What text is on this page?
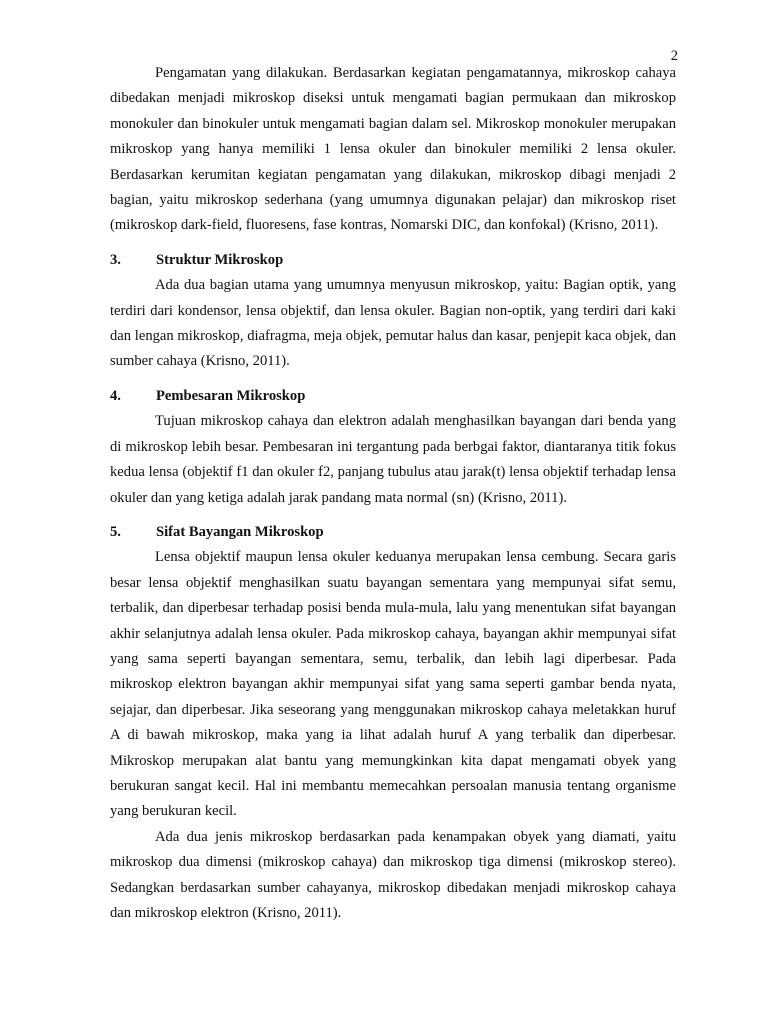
2

Pengamatan yang dilakukan. Berdasarkan kegiatan pengamatannya, mikroskop cahaya dibedakan menjadi mikroskop diseksi untuk mengamati bagian permukaan dan mikroskop monokuler dan binokuler untuk mengamati bagian dalam sel. Mikroskop monokuler merupakan mikroskop yang hanya memiliki 1 lensa okuler dan binokuler memiliki 2 lensa okuler. Berdasarkan kerumitan kegiatan pengamatan yang dilakukan, mikroskop dibagi menjadi 2 bagian, yaitu mikroskop sederhana (yang umumnya digunakan pelajar) dan mikroskop riset (mikroskop dark-field, fluoresens, fase kontras, Nomarski DIC, dan konfokal) (Krisno, 2011).

3.	Struktur Mikroskop

Ada dua bagian utama yang umumnya menyusun mikroskop, yaitu: Bagian optik, yang terdiri dari kondensor, lensa objektif, dan lensa okuler. Bagian non-optik, yang terdiri dari kaki dan lengan mikroskop, diafragma, meja objek, pemutar halus dan kasar, penjepit kaca objek, dan sumber cahaya (Krisno, 2011).

4.	Pembesaran Mikroskop

Tujuan mikroskop cahaya dan elektron adalah menghasilkan bayangan dari benda yang di mikroskop lebih besar. Pembesaran ini tergantung pada berbgai faktor, diantaranya titik fokus kedua lensa (objektif f1 dan okuler f2, panjang tubulus atau jarak(t) lensa objektif terhadap lensa okuler dan yang ketiga adalah jarak pandang mata normal (sn) (Krisno, 2011).

5.	Sifat Bayangan Mikroskop

Lensa objektif maupun lensa okuler keduanya merupakan lensa cembung. Secara garis besar lensa objektif menghasilkan suatu bayangan sementara yang mempunyai sifat semu, terbalik, dan diperbesar terhadap posisi benda mula-mula, lalu yang menentukan sifat bayangan akhir selanjutnya adalah lensa okuler. Pada mikroskop cahaya, bayangan akhir mempunyai sifat yang sama seperti bayangan sementara, semu, terbalik, dan lebih lagi diperbesar. Pada mikroskop elektron bayangan akhir mempunyai sifat yang sama seperti gambar benda nyata, sejajar, dan diperbesar. Jika seseorang yang menggunakan mikroskop cahaya meletakkan huruf A di bawah mikroskop, maka yang ia lihat adalah huruf A yang terbalik dan diperbesar. Mikroskop merupakan alat bantu yang memungkinkan kita dapat mengamati obyek yang berukuran sangat kecil. Hal ini membantu memecahkan persoalan manusia tentang organisme yang berukuran kecil.

Ada dua jenis mikroskop berdasarkan pada kenampakan obyek yang diamati, yaitu mikroskop dua dimensi (mikroskop cahaya) dan mikroskop tiga dimensi (mikroskop stereo). Sedangkan berdasarkan sumber cahayanya, mikroskop dibedakan menjadi mikroskop cahaya dan mikroskop elektron (Krisno, 2011).
